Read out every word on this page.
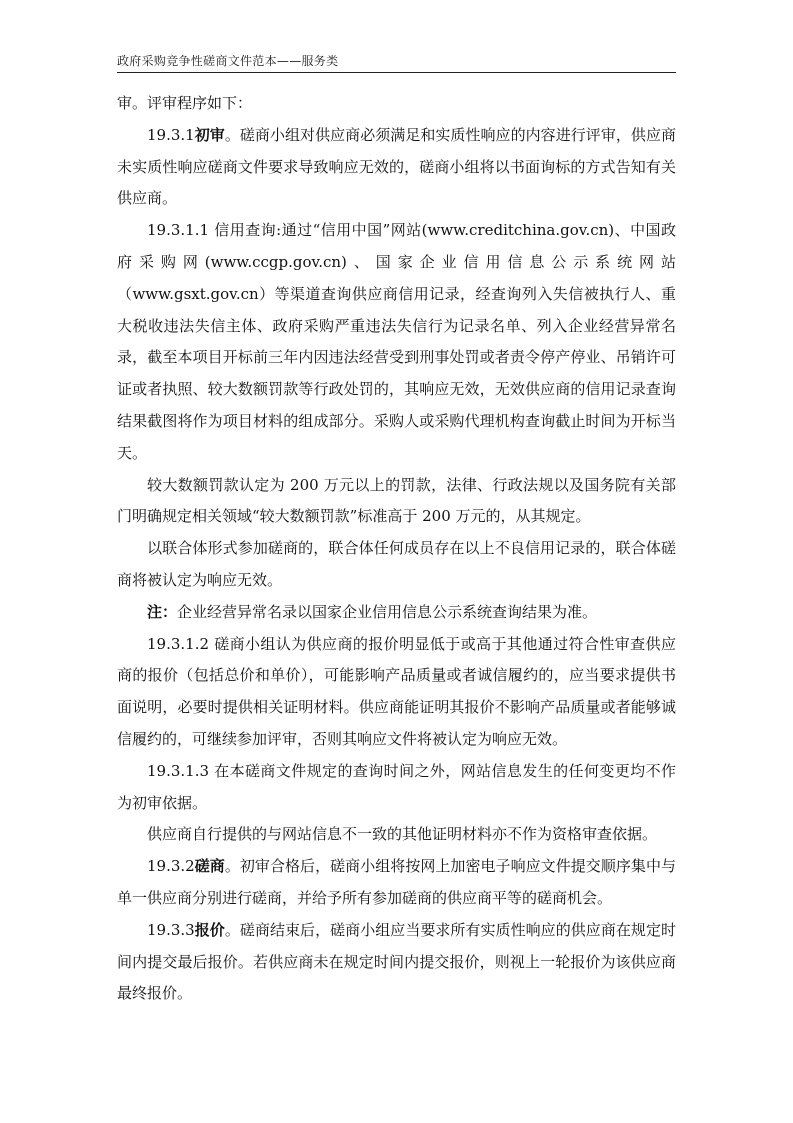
政府采购竞争性磋商文件范本——服务类

审。评审程序如下：

19.3.1初审。磋商小组对供应商必须满足和实质性响应的内容进行评审，供应商未实质性响应磋商文件要求导致响应无效的，磋商小组将以书面询标的方式告知有关供应商。

19.3.1.1 信用查询:通过“信用中国”网站(www.creditchina.gov.cn)、中国政府采购网(www.ccgp.gov.cn)、国家企业信用信息公示系统网站（www.gsxt.gov.cn）等渠道查询供应商信用记录，经查询列入失信被执行人、重大税收违法失信主体、政府采购严重违法失信行为记录名单、列入企业经营异常名录，截至本项目开标前三年内因违法经营受到刑事处罚或者责令停产停业、吊销许可证或者执照、较大数额罚款等行政处罚的，其响应无效，无效供应商的信用记录查询结果截图将作为项目材料的组成部分。采购人或采购代理机构查询截止时间为开标当天。

较大数额罚款认定为 200 万元以上的罚款，法律、行政法规以及国务院有关部门明确规定相关领域“较大数额罚款”标准高于 200 万元的，从其规定。

以联合体形式参加磋商的，联合体任何成员存在以上不良信用记录的，联合体磋商将被认定为响应无效。

注：企业经营异常名录以国家企业信用信息公示系统查询结果为准。

19.3.1.2 磋商小组认为供应商的报价明显低于或高于其他通过符合性审查供应商的报价（包括总价和单价），可能影响产品质量或者诚信履约的，应当要求提供书面说明，必要时提供相关证明材料。供应商能证明其报价不影响产品质量或者能够诚信履约的，可继续参加评审，否则其响应文件将被认定为响应无效。

19.3.1.3 在本磋商文件规定的查询时间之外，网站信息发生的任何变更均不作为初审依据。

供应商自行提供的与网站信息不一致的其他证明材料亦不作为资格审查依据。

19.3.2磋商。初审合格后，磋商小组将按网上加密电子响应文件提交顺序集中与单一供应商分别进行磋商，并给予所有参加磋商的供应商平等的磋商机会。

19.3.3报价。磋商结束后，磋商小组应当要求所有实质性响应的供应商在规定时间内提交最后报价。若供应商未在规定时间内提交报价，则视上一轮报价为该供应商最终报价。
